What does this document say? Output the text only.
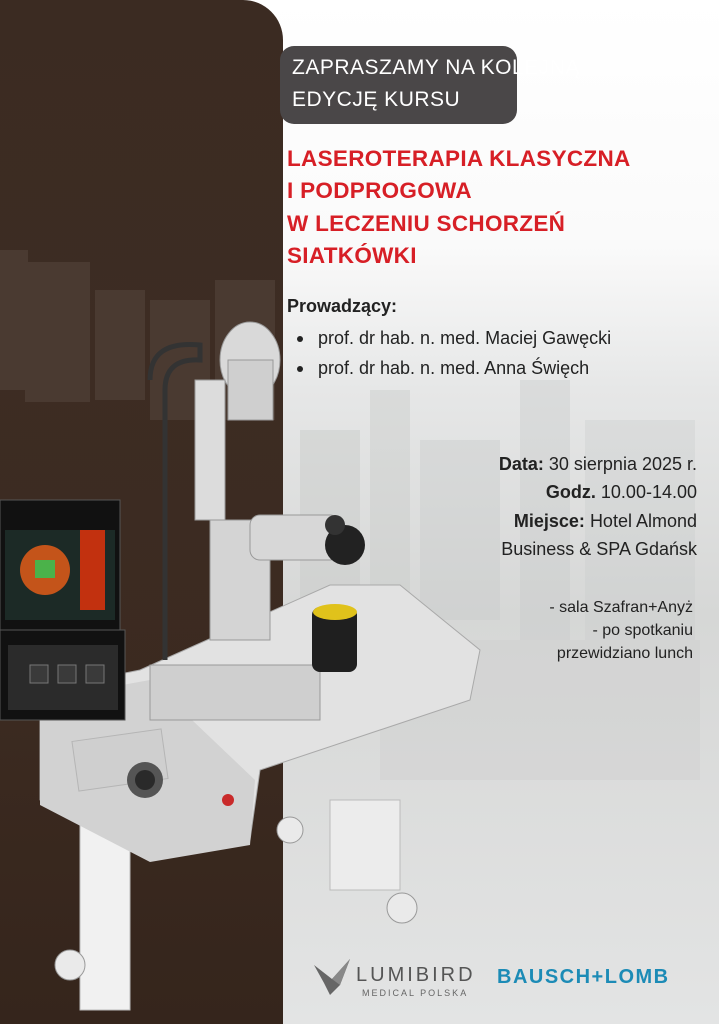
ZAPRASZAMY NA KOLEJNĄ
EDYCJĘ KURSU
LASEROTERAPIA KLASYCZNA
I PODPROGOWA
W LECZENIU SCHORZEŃ
SIATKÓWKI
Prowadzący:
prof. dr hab. n. med. Maciej Gawęcki
prof. dr hab. n. med. Anna Święch
Data: 30 sierpnia 2025 r.
Godz. 10.00-14.00
Miejsce: Hotel Almond
Business & SPA Gdańsk
- sala Szafran+Anyż
- po spotkaniu
przewidziano lunch
LUMIBIRD
MEDICAL POLSKA
BAUSCH+LOMB
